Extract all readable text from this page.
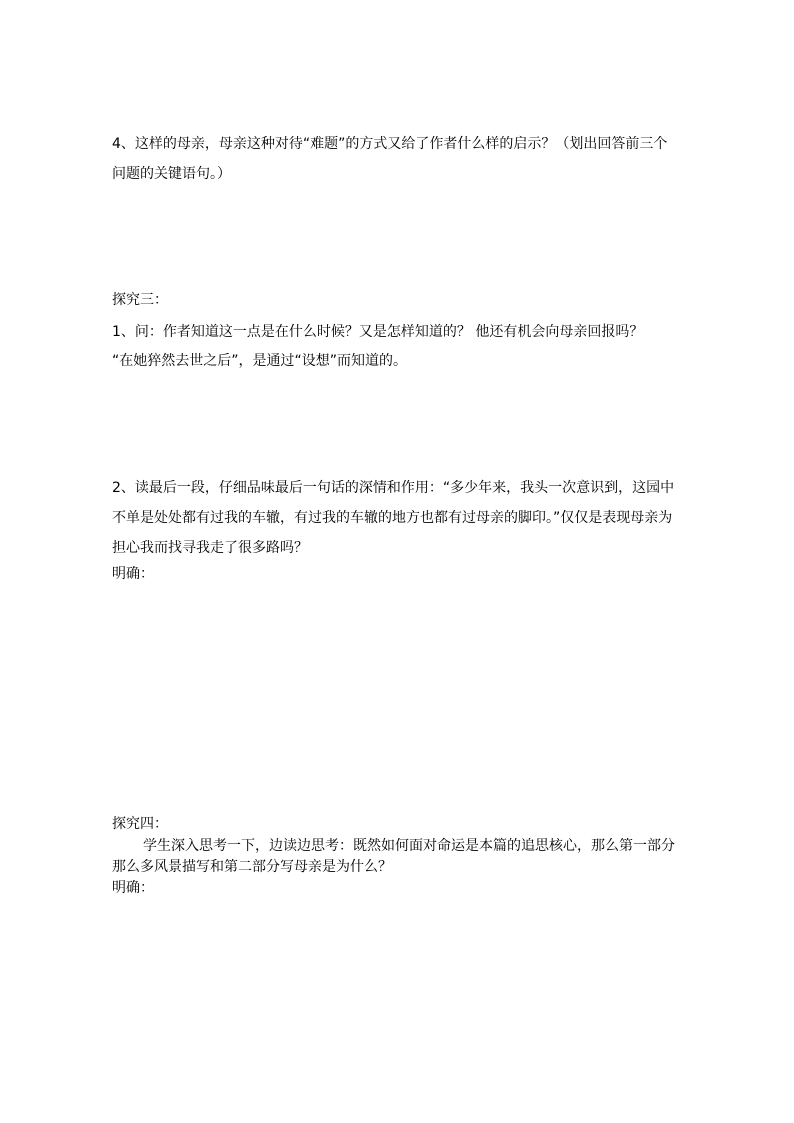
4、这样的母亲，母亲这种对待“难题”的方式又给了作者什么样的启示？（划出回答前三个
问题的关键语句。）
探究三：
1、问：作者知道这一点是在什么时候？又是怎样知道的？ 他还有机会向母亲回报吗？
“在她猝然去世之后”，是通过“设想”而知道的。
2、读最后一段，仔细品味最后一句话的深情和作用：“多少年来，我头一次意识到，这园中
不单是处处都有过我的车辙，有过我的车辙的地方也都有过母亲的脚印。”仅仅是表现母亲为
担心我而找寻我走了很多路吗？
明确：
探究四：
学生深入思考一下，边读边思考：既然如何面对命运是本篇的追思核心，那么第一部分
那么多风景描写和第二部分写母亲是为什么？
明确：
